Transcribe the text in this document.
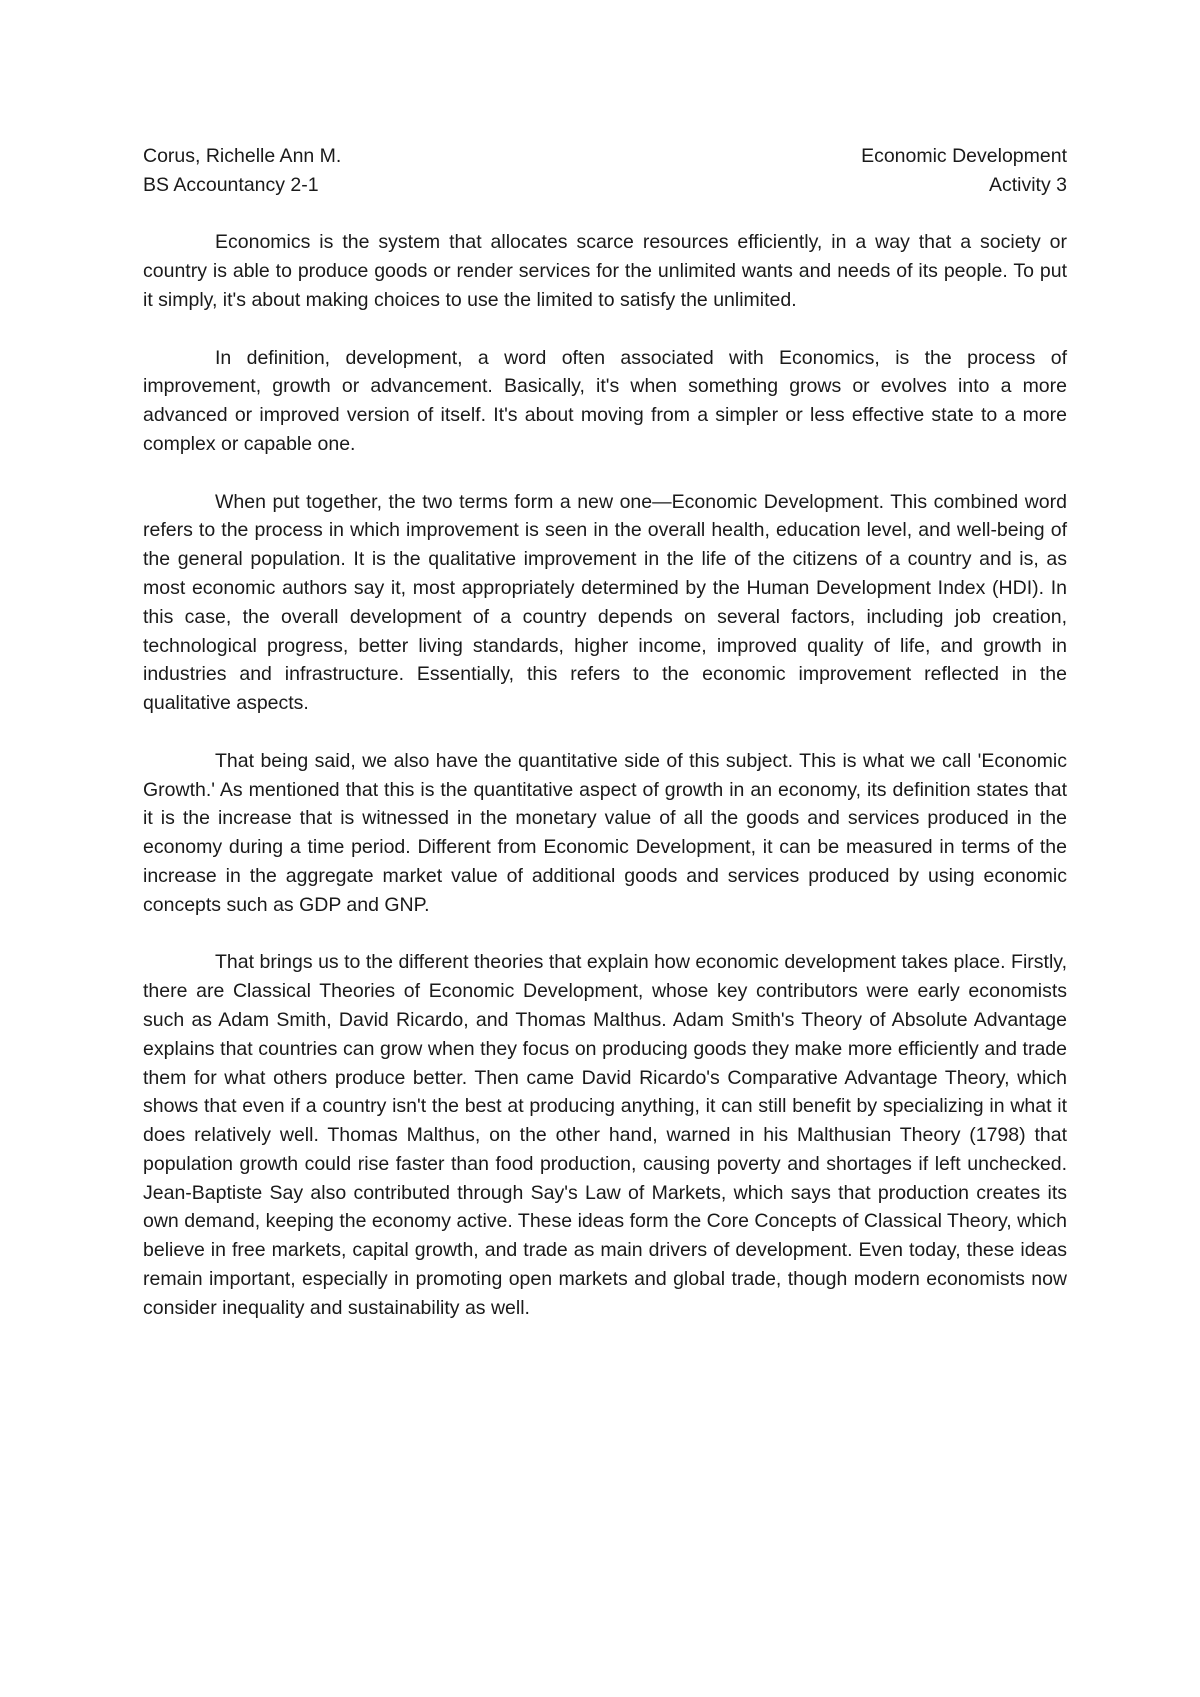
Corus, Richelle Ann M.	Economic Development
BS Accountancy 2-1	Activity 3

Economics is the system that allocates scarce resources efficiently, in a way that a society or country is able to produce goods or render services for the unlimited wants and needs of its people. To put it simply, it's about making choices to use the limited to satisfy the unlimited.

In definition, development, a word often associated with Economics, is the process of improvement, growth or advancement. Basically, it's when something grows or evolves into a more advanced or improved version of itself. It's about moving from a simpler or less effective state to a more complex or capable one.

When put together, the two terms form a new one—Economic Development. This combined word refers to the process in which improvement is seen in the overall health, education level, and well-being of the general population. It is the qualitative improvement in the life of the citizens of a country and is, as most economic authors say it, most appropriately determined by the Human Development Index (HDI). In this case, the overall development of a country depends on several factors, including job creation, technological progress, better living standards, higher income, improved quality of life, and growth in industries and infrastructure. Essentially, this refers to the economic improvement reflected in the qualitative aspects.

That being said, we also have the quantitative side of this subject. This is what we call 'Economic Growth.' As mentioned that this is the quantitative aspect of growth in an economy, its definition states that it is the increase that is witnessed in the monetary value of all the goods and services produced in the economy during a time period. Different from Economic Development, it can be measured in terms of the increase in the aggregate market value of additional goods and services produced by using economic concepts such as GDP and GNP.

That brings us to the different theories that explain how economic development takes place. Firstly, there are Classical Theories of Economic Development, whose key contributors were early economists such as Adam Smith, David Ricardo, and Thomas Malthus. Adam Smith's Theory of Absolute Advantage explains that countries can grow when they focus on producing goods they make more efficiently and trade them for what others produce better. Then came David Ricardo's Comparative Advantage Theory, which shows that even if a country isn't the best at producing anything, it can still benefit by specializing in what it does relatively well. Thomas Malthus, on the other hand, warned in his Malthusian Theory (1798) that population growth could rise faster than food production, causing poverty and shortages if left unchecked. Jean-Baptiste Say also contributed through Say's Law of Markets, which says that production creates its own demand, keeping the economy active. These ideas form the Core Concepts of Classical Theory, which believe in free markets, capital growth, and trade as main drivers of development. Even today, these ideas remain important, especially in promoting open markets and global trade, though modern economists now consider inequality and sustainability as well.
